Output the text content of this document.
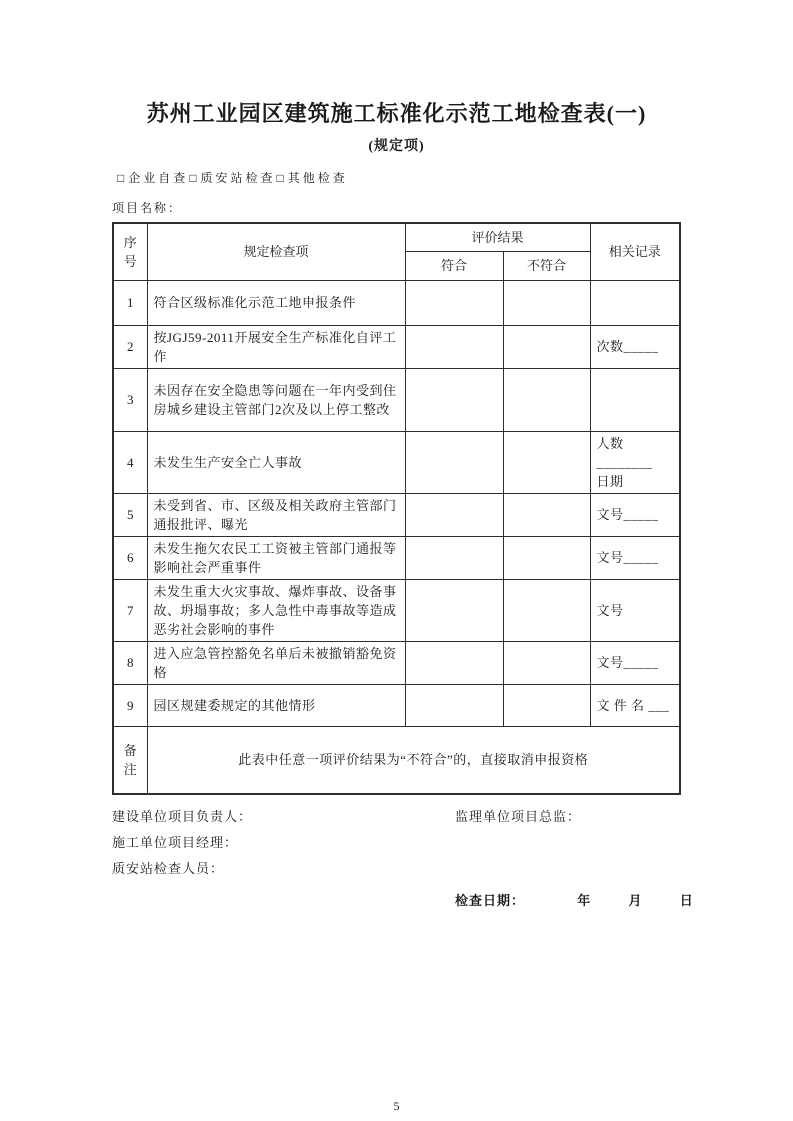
苏州工业园区建筑施工标准化示范工地检查表(一)
(规定项)
□企业自查□质安站检查□其他检查
项目名称：
序号	规定检查项	评价结果		相关记录
		符合	不符合	
1	符合区级标准化示范工地申报条件			

2	按JGJ59-2011开展安全生产标准化自评工作			次数_____

3	未因存在安全隐患等问题在一年内受到住房城乡建设主管部门2次及以上停工整改			

4	未发生生产安全亡人事故			人数________
日期

5	未受到省、市、区级及相关政府主管部门通报批评、曝光			文号_____

6	未发生拖欠农民工工资被主管部门通报等影响社会严重事件			文号_____

7	未发生重大火灾事故、爆炸事故、设备事故、坍塌事故；多人急性中毒事故等造成恶劣社会影响的事件			文号

8	进入应急管控豁免名单后未被撤销豁免资格			文号_____

9	园区规建委规定的其他情形			文 件 名 ___

备注	此表中任意一项评价结果为“不符合”的，直接取消申报资格			
建设单位项目负责人：	监理单位项目总监：
施工单位项目经理：
质安站检查人员：
检查日期：	年	月	日
5
